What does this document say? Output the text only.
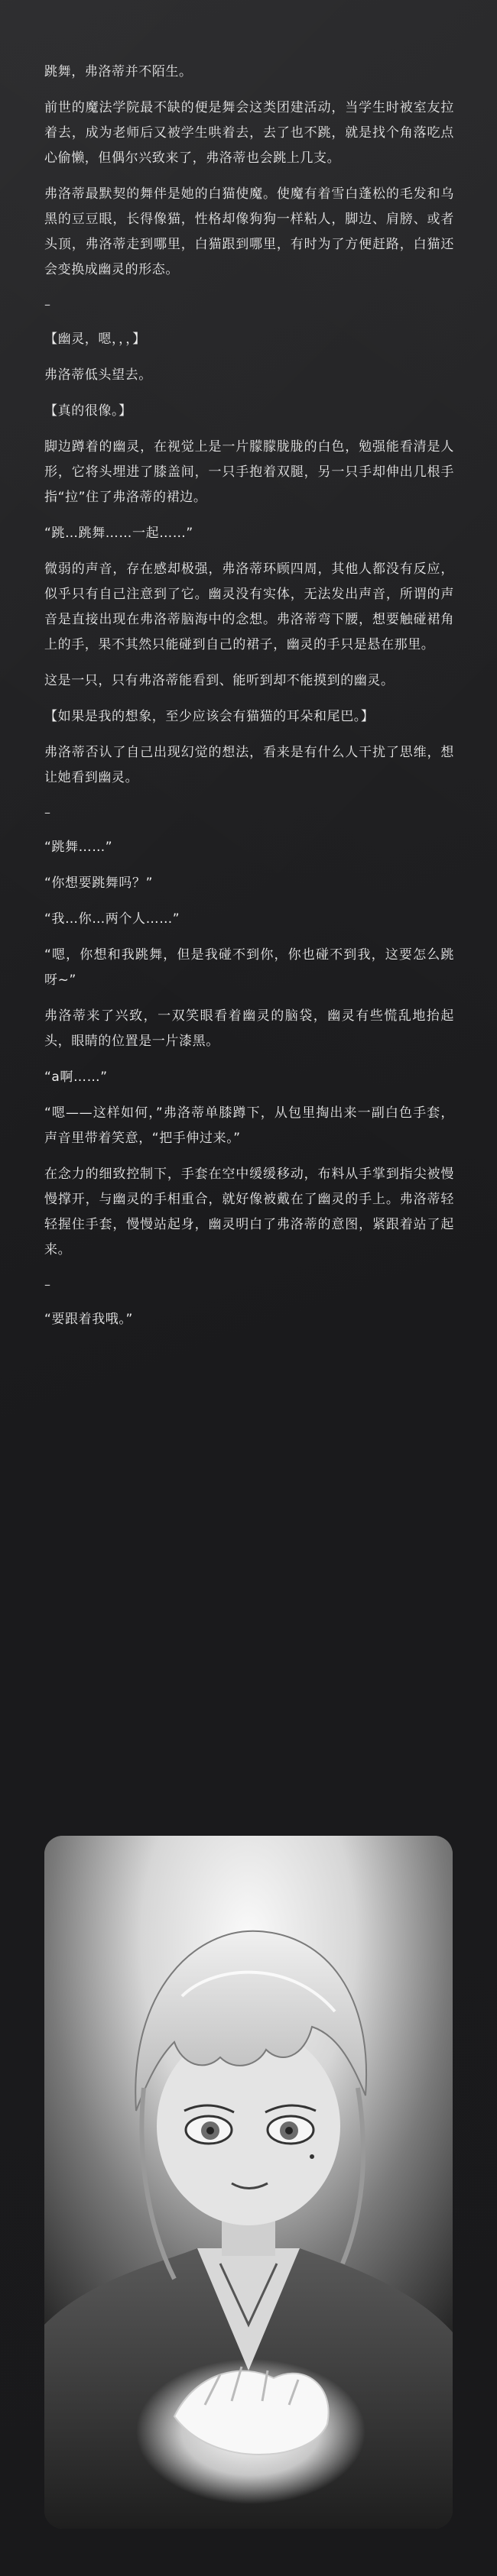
跳舞，弗洛蒂并不陌生。

前世的魔法学院最不缺的便是舞会这类团建活动，当学生时被室友拉着去，成为老师后又被学生哄着去，去了也不跳，就是找个角落吃点心偷懒，但偶尔兴致来了，弗洛蒂也会跳上几支。

弗洛蒂最默契的舞伴是她的白猫使魔。使魔有着雪白蓬松的毛发和乌黑的豆豆眼，长得像猫，性格却像狗狗一样粘人，脚边、肩膀、或者头顶，弗洛蒂走到哪里，白猫跟到哪里，有时为了方便赶路，白猫还会变换成幽灵的形态。

–

【幽灵，嗯，，，】

弗洛蒂低头望去。

【真的很像。】

脚边蹲着的幽灵，在视觉上是一片朦朦胧胧的白色，勉强能看清是人形，它将头埋进了膝盖间，一只手抱着双腿，另一只手却伸出几根手指“拉”住了弗洛蒂的裙边。

“跳…跳舞……一起……”

微弱的声音，存在感却极强，弗洛蒂环顾四周，其他人都没有反应，似乎只有自己注意到了它。幽灵没有实体，无法发出声音，所谓的声音是直接出现在弗洛蒂脑海中的念想。弗洛蒂弯下腰，想要触碰裙角上的手，果不其然只能碰到自己的裙子，幽灵的手只是悬在那里。

这是一只，只有弗洛蒂能看到、能听到却不能摸到的幽灵。

【如果是我的想象，至少应该会有猫猫的耳朵和尾巴。】

弗洛蒂否认了自己出现幻觉的想法，看来是有什么人干扰了思维，想让她看到幽灵。

–

“跳舞……”

“你想要跳舞吗？”

“我…你…两个人……”

“嗯，你想和我跳舞，但是我碰不到你，你也碰不到我，这要怎么跳呀~”

弗洛蒂来了兴致，一双笑眼看着幽灵的脑袋，幽灵有些慌乱地抬起头，眼睛的位置是一片漆黑。

“a啊……”

“嗯——这样如何，”弗洛蒂单膝蹲下，从包里掏出来一副白色手套，声音里带着笑意，“把手伸过来。”

在念力的细致控制下，手套在空中缓缓移动，布料从手掌到指尖被慢慢撑开，与幽灵的手相重合，就好像被戴在了幽灵的手上。弗洛蒂轻轻握住手套，慢慢站起身，幽灵明白了弗洛蒂的意图，紧跟着站了起来。

–

“要跟着我哦。”
